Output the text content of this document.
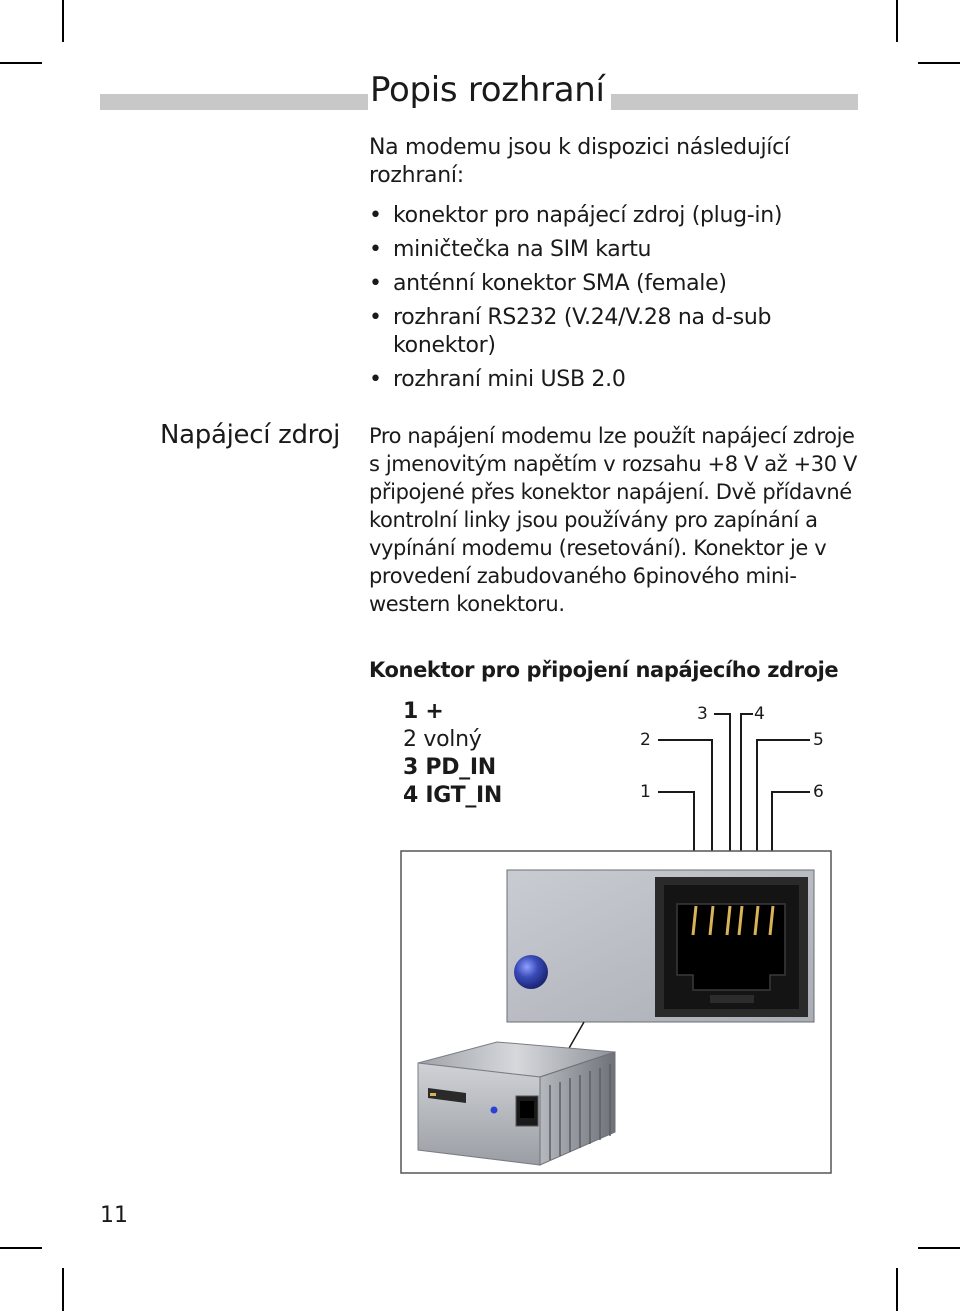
Popis rozhraní

Na modemu jsou k dispozici následující rozhraní:

• konektor pro napájecí zdroj (plug-in)
• miničtečka na SIM kartu
• anténní konektor SMA (female)
• rozhraní RS232 (V.24/V.28 na d-sub konektor)
• rozhraní mini USB 2.0
Napájecí zdroj Pro napájení modemu lze použít napájecí zdroje s jmenovitým napětím v rozsahu +8 V až +30 V připojené přes konektor napájení. Dvě přídavné kontrolní linky jsou používány pro zapínání a vypínání modemu (resetování). Konektor je v provedení zabudovaného 6pinového mini-western konektoru.

Konektor pro připojení napájecího zdroje
1 +
2 volný
3 PD_IN
4 IGT_IN
3	4
2	5
1	6
11
